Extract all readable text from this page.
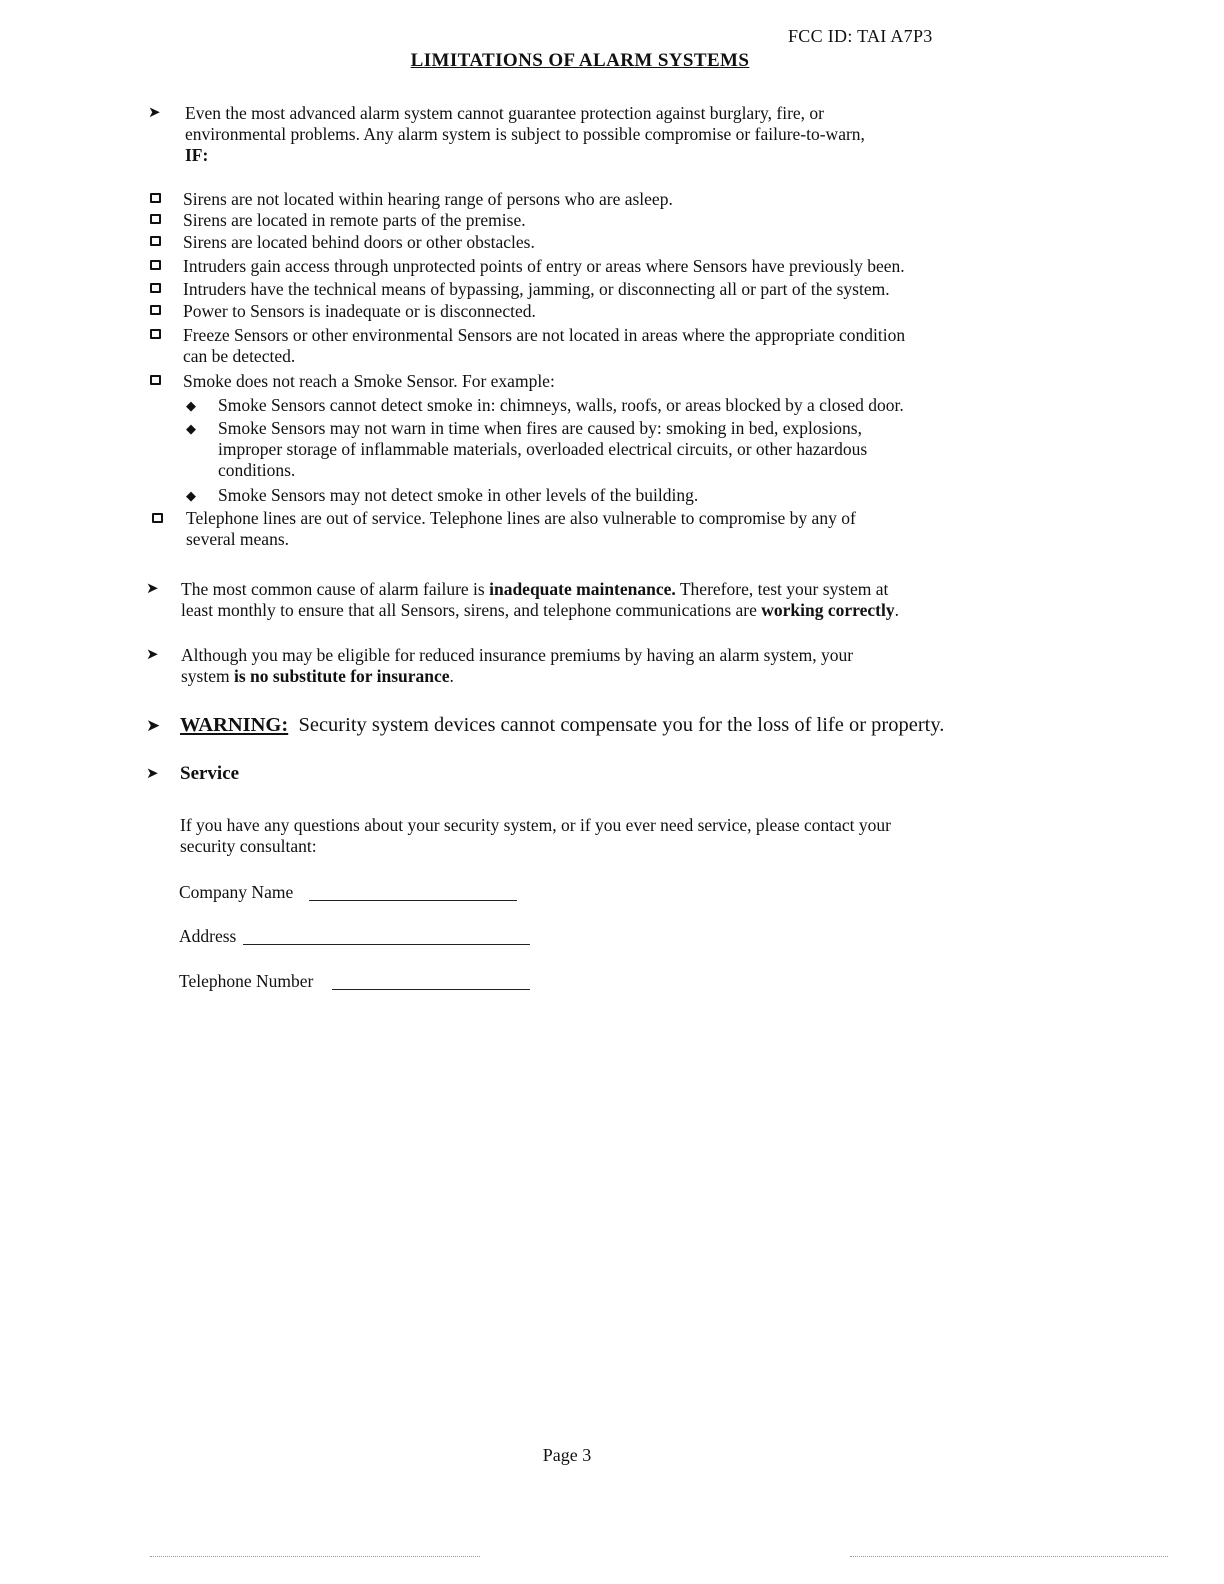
FCC ID: TAI A7P3
LIMITATIONS OF ALARM SYSTEMS
➤	Even the most advanced alarm system cannot guarantee protection against burglary, fire, or
environmental problems. Any alarm system is subject to possible compromise or failure-to-warn,
IF:
Sirens are not located within hearing range of persons who are asleep.
Sirens are located in remote parts of the premise.
Sirens are located behind doors or other obstacles.
Intruders gain access through unprotected points of entry or areas where Sensors have previously been.
Intruders have the technical means of bypassing, jamming, or disconnecting all or part of the system.
Power to Sensors is inadequate or is disconnected.
Freeze Sensors or other environmental Sensors are not located in areas where the appropriate condition
can be detected.
Smoke does not reach a Smoke Sensor. For example:
◆ Smoke Sensors cannot detect smoke in: chimneys, walls, roofs, or areas blocked by a closed door.
◆ Smoke Sensors may not warn in time when fires are caused by: smoking in bed, explosions,
improper storage of inflammable materials, overloaded electrical circuits, or other hazardous
conditions.
◆ Smoke Sensors may not detect smoke in other levels of the building.
Telephone lines are out of service. Telephone lines are also vulnerable to compromise by any of
several means.
➤	The most common cause of alarm failure is inadequate maintenance. Therefore, test your system at
least monthly to ensure that all Sensors, sirens, and telephone communications are working correctly.
➤	Although you may be eligible for reduced insurance premiums by having an alarm system, your
system is no substitute for insurance.
➤ WARNING:  Security system devices cannot compensate you for the loss of life or property.
➤	Service
If you have any questions about your security system, or if you ever need service, please contact your
security consultant:
Company Name
Address
Telephone Number
Page 3
